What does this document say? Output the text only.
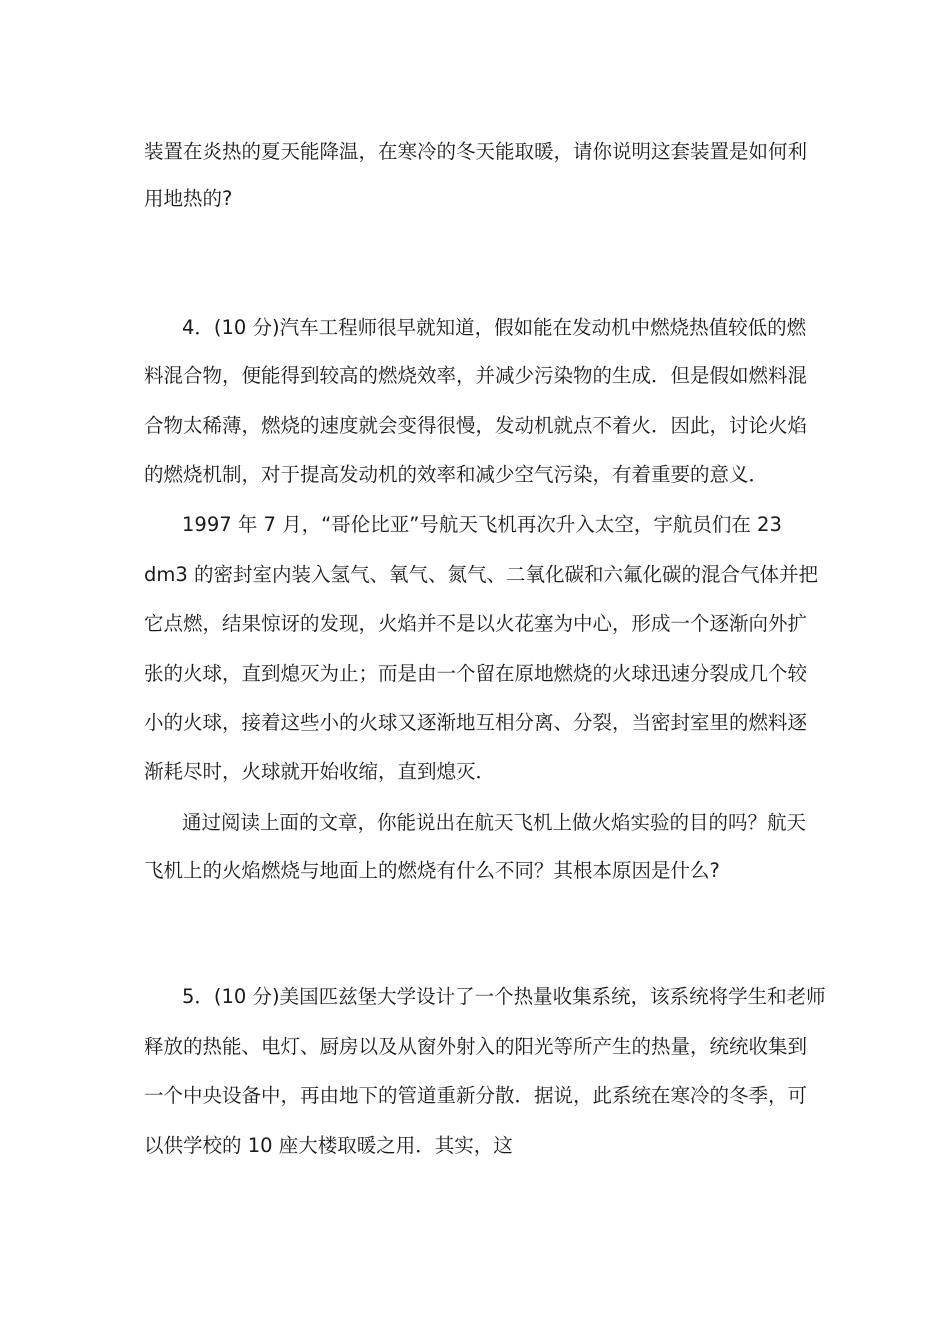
装置在炎热的夏天能降温，在寒冷的冬天能取暖，请你说明这套装置是如何利
用地热的?
4．(10 分)汽车工程师很早就知道，假如能在发动机中燃烧热值较低的燃
料混合物，便能得到较高的燃烧效率，并减少污染物的生成．但是假如燃料混
合物太稀薄，燃烧的速度就会变得很慢，发动机就点不着火．因此，讨论火焰
的燃烧机制，对于提高发动机的效率和减少空气污染，有着重要的意义．
1997 年 7 月，“哥伦比亚”号航天飞机再次升入太空，宇航员们在 23
dm3 的密封室内装入氢气、氧气、氮气、二氧化碳和六氟化碳的混合气体并把
它点燃，结果惊讶的发现，火焰并不是以火花塞为中心，形成一个逐渐向外扩
张的火球，直到熄灭为止；而是由一个留在原地燃烧的火球迅速分裂成几个较
小的火球，接着这些小的火球又逐渐地互相分离、分裂，当密封室里的燃料逐
渐耗尽时，火球就开始收缩，直到熄灭．
通过阅读上面的文章，你能说出在航天飞机上做火焰实验的目的吗？航天
飞机上的火焰燃烧与地面上的燃烧有什么不同？其根本原因是什么?
5．(10 分)美国匹兹堡大学设计了一个热量收集系统，该系统将学生和老师
释放的热能、电灯、厨房以及从窗外射入的阳光等所产生的热量，统统收集到
一个中央设备中，再由地下的管道重新分散．据说，此系统在寒冷的冬季，可
以供学校的 10 座大楼取暖之用．其实，这
